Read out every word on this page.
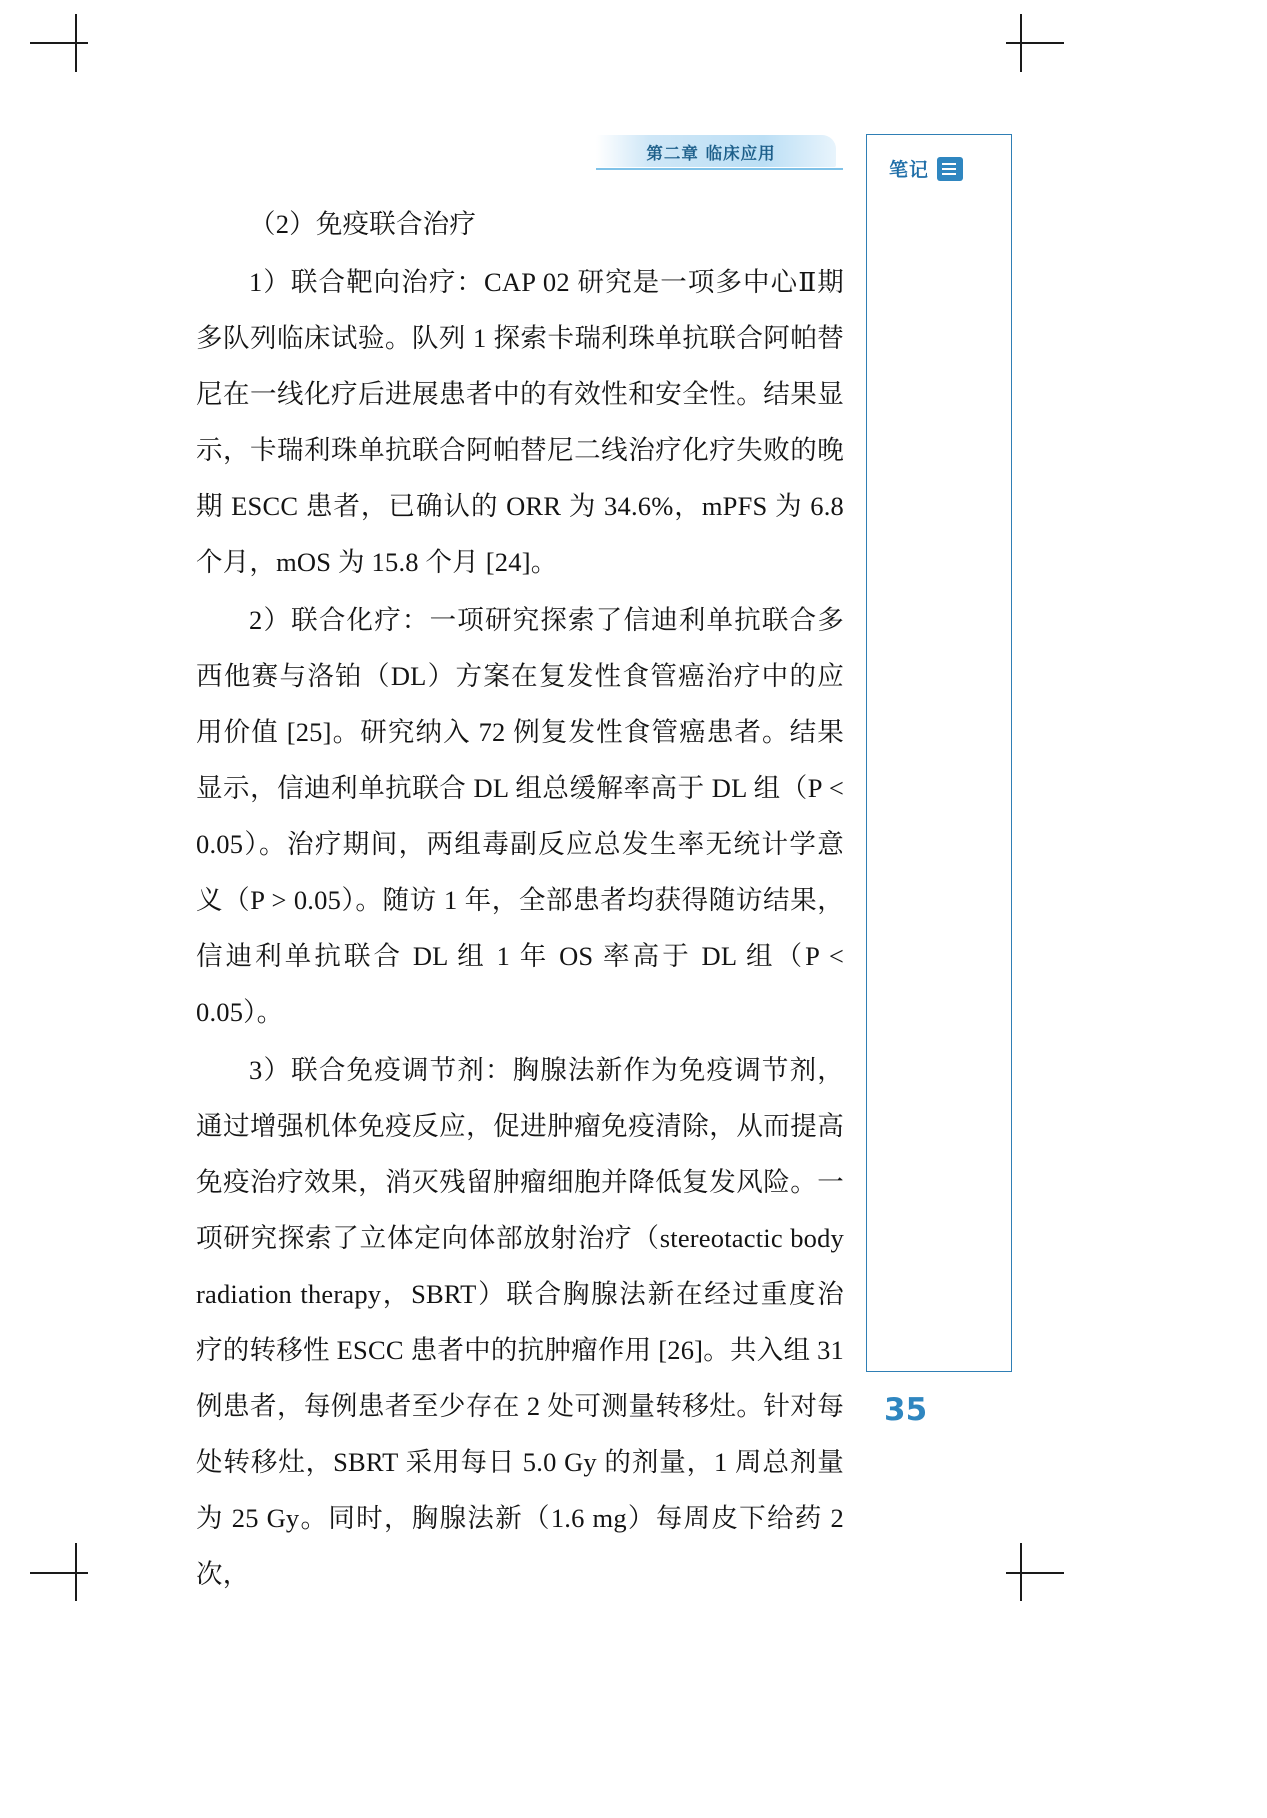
第二章 临床应用
笔记

（2）免疫联合治疗

1）联合靶向治疗：CAP 02 研究是一项多中心Ⅱ期多队列临床试验。队列 1 探索卡瑞利珠单抗联合阿帕替尼在一线化疗后进展患者中的有效性和安全性。结果显示，卡瑞利珠单抗联合阿帕替尼二线治疗化疗失败的晚期 ESCC 患者，已确认的 ORR 为 34.6%，mPFS 为 6.8 个月，mOS 为 15.8 个月 [24]。

2）联合化疗：一项研究探索了信迪利单抗联合多西他赛与洛铂（DL）方案在复发性食管癌治疗中的应用价值 [25]。研究纳入 72 例复发性食管癌患者。结果显示，信迪利单抗联合 DL 组总缓解率高于 DL 组（P < 0.05）。治疗期间，两组毒副反应总发生率无统计学意义（P > 0.05）。随访 1 年，全部患者均获得随访结果，信迪利单抗联合 DL 组 1 年 OS 率高于 DL 组（P < 0.05）。

3）联合免疫调节剂：胸腺法新作为免疫调节剂，通过增强机体免疫反应，促进肿瘤免疫清除，从而提高免疫治疗效果，消灭残留肿瘤细胞并降低复发风险。一项研究探索了立体定向体部放射治疗（stereotactic body radiation therapy，SBRT）联合胸腺法新在经过重度治疗的转移性 ESCC 患者中的抗肿瘤作用 [26]。共入组 31 例患者，每例患者至少存在 2 处可测量转移灶。针对每处转移灶，SBRT 采用每日 5.0 Gy 的剂量，1 周总剂量为 25 Gy。同时，胸腺法新（1.6 mg）每周皮下给药 2 次，

35
